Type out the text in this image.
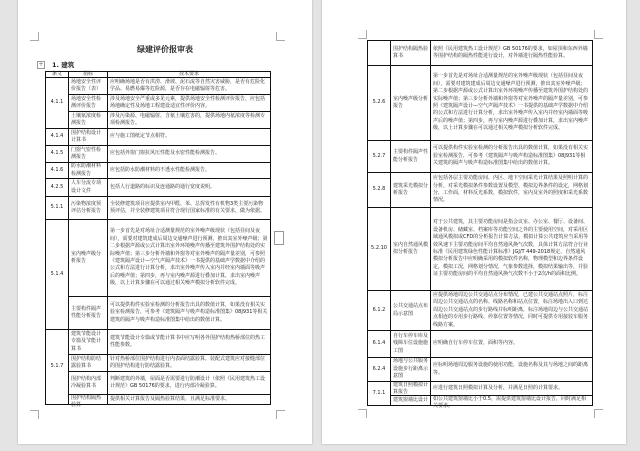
绿建评价报审表
+ 1. 建筑
条文	指标	技术要求
4.1.1	场地安全性评价报告（表）	应明确场地是否有洪涝、滑坡、泥石流等自然灾害威胁，是否有危险化学品、易燃易爆等危险源，是否存在电磁辐射等危害。

	场地安全性检测评价报告	涉及场地安全严重或多见元素，提供场地安全性检测评价报告，应包括场地确定性及场地工程建设适宜性评价内容。

	土壤氡浓度检测报告	涉及污染源、电磁辐射、含氡土壤危害的，提供场地内氡浓度等检测专项检测报告。

4.1.4	围护结构设计计算书	应与施工图纸定节点相符。

4.1.5	门窗气密性检测报告	应包括外窗门窗抗风压性能及水密性能检测报告。

4.1.6	防水防潮材料检测报告	应包括防水防潮材料的不透水性能检测报告。

4.2.5	人车分流专项设计文件	包括人行道路的标识及连通路的通行宽度说明。

5.1.1	污染物浓度预评估分析报告	全装修建筑项目应提供室内甲醛、苯、总挥发性有机物3类主要污染物预评估，并全装修建筑项目符合现行国家标准的有关要求，做为依据。

5.1.4	室内噪声级分析报告	第一步首先是对场址合适测量规范的室外噪声级现状（包括昼间及夜间），需要对建筑建成后周边交通噪声进行预测，推出其室外噪声级；第二步根据声源或公式计算出室外环境噪声传播至建筑外围护结构处的实际噪声值；第三步分析外墙和外窗等对室外噪声的隔声量差别，可参照《建筑隔声设计—空气声隔声技术》一书提供的基础声学数据中介绍的公式和方法进行计算分析，求出室外噪声传入室内并经室内墙面等吸声后的噪声值；第四步，再与室内噪声源进行叠加计算，求出室内噪声级，以上计算步骤在可以通过相关噪声模拟分析软件完成。

	主要构件隔声性能分析报告	可以提供构件实验室检测的分析报告出具的数值计算，如果没有相关实验室检测报告，可参考《建筑隔声与吸声构造标准图集》08J931等相关建筑的隔声与吸声构造标准图集中给出的数值计算。

5.1.7	建筑节能设计专篇及节能计算书	建筑节能设计专篇或节能计算书中应写明各外围护结构热桥部位的热工性能参数。

	围护结构防结露验算书	针对热桥部位围护结构进行内表面结露验算，装配式建筑应对接缝部位的围护结构进行防结露验算。

	围护结构内部冷凝验算书	判断建筑的外墙，屋面是否需要进行防潮设计（依照《民用建筑热工设计规范》GB 50176的要求，进行内部冷凝验算。

	围护结构隔热验算	提供相关计算报告及隔热验算结果，且满足标准要求。

	围护结构隔热验算书	依照《民用建筑热工设计规范》GB 50176的要求，如屋顶和东西外墙等围护结构的隔热性能进行设计，对外墙进行隔热性能验算。

5.2.6	室内噪声级分析报告	第一步首先是对场址合适测量规范的室外噪声级现状（包括昼间及夜间），需要对建筑建成后周边交通噪声进行预测，推出其室外噪声级；第二步根据声源或公式计算出室外环境噪声传播至建筑外围护结构处的实际噪声值；第三步分析外墙和外窗等对室外噪声的隔声量差别，可参照《建筑隔声设计—空气声隔声技术》一书提供的基础声学数据中介绍的公式和方法进行计算分析，求出室外噪声传入室内并经室内墙面等吸声后的噪声值；第四步，再与室内噪声源进行叠加计算，求出室内噪声级，以上计算步骤在可以通过相关噪声模拟分析软件完成。

5.2.7	主要构件隔声性能分析报告	可以提供构件实验室检测的分析报告出具的数值计算，如果没有相关实验室检测报告，可参考《建筑隔声与吸声构造标准图集》08J931等相关建筑的隔声与吸声构造标准图集中给出的数值计算。

5.2.8	建筑采光模拟分析报告	应包括各层主要功能房间、内区、地下空间采光计算结果及照明计算的分析，对采光模拟条件参数设置及模型、模拟边界条件的设定，网格划分，工作面，材料反光系数，模拟软件，室内及室外的照度和采光系数情况。

5.2.10	室内自然通风模拟分析报告	对于公共建筑，其主要功能房间是指会议室、办公室、餐厅、设备间、设备机房、储藏室、档案库等功能空间之外的主要使用空间，对采用区域通风模拟或CFD的分析报告计算方法，模拟计算公共建筑应当采用等效风速下主要功能房间平均自然通风换气次数，具体计算方法符合行业标准《民用建筑绿色性能计算标准》JGJ/T 449-2018规定，自然通风模拟分析报告中应明确采用的模拟软件名称，物理模型和边界条件设定，模拟工况，网格划分情况，气象参数选择，模拟结果输出等，并验证主要功能房间的平均自然通风换气次数不小于2次/h的面积比例。

6.1.2	公共交通站点布局示意图	应提供场地周边公共交通站点分布情况，已建公共交通站点照片，标注周边公共交通站点的名称、线路名称和站点位置，标注场地出入口到达周边公共交通站点的步行路线并标明距离，标注场地周边与公共交通站点相连的专用步行路线、停靠位置等情况，同时可提供专用接驳车服务线路方案。

6.1.4	自行车停车库及残障车位设施施工图	应明确自行车停车位置，面积等内容。

6.2.4	场地与公共服务设施步行距离示意图	应标明场地周边服务设施的使用功能，设施名称及其与场地之间的距离等。

7.1.1	建筑日照模拟计算报告	应进行建筑日照模拟计算及分析，并满足日照的计算要求。

	建筑窗墙比设计	如公共建筑窗墙比小于0.5，需提供建筑窗墙比设计报告，同时满足相关要求。
